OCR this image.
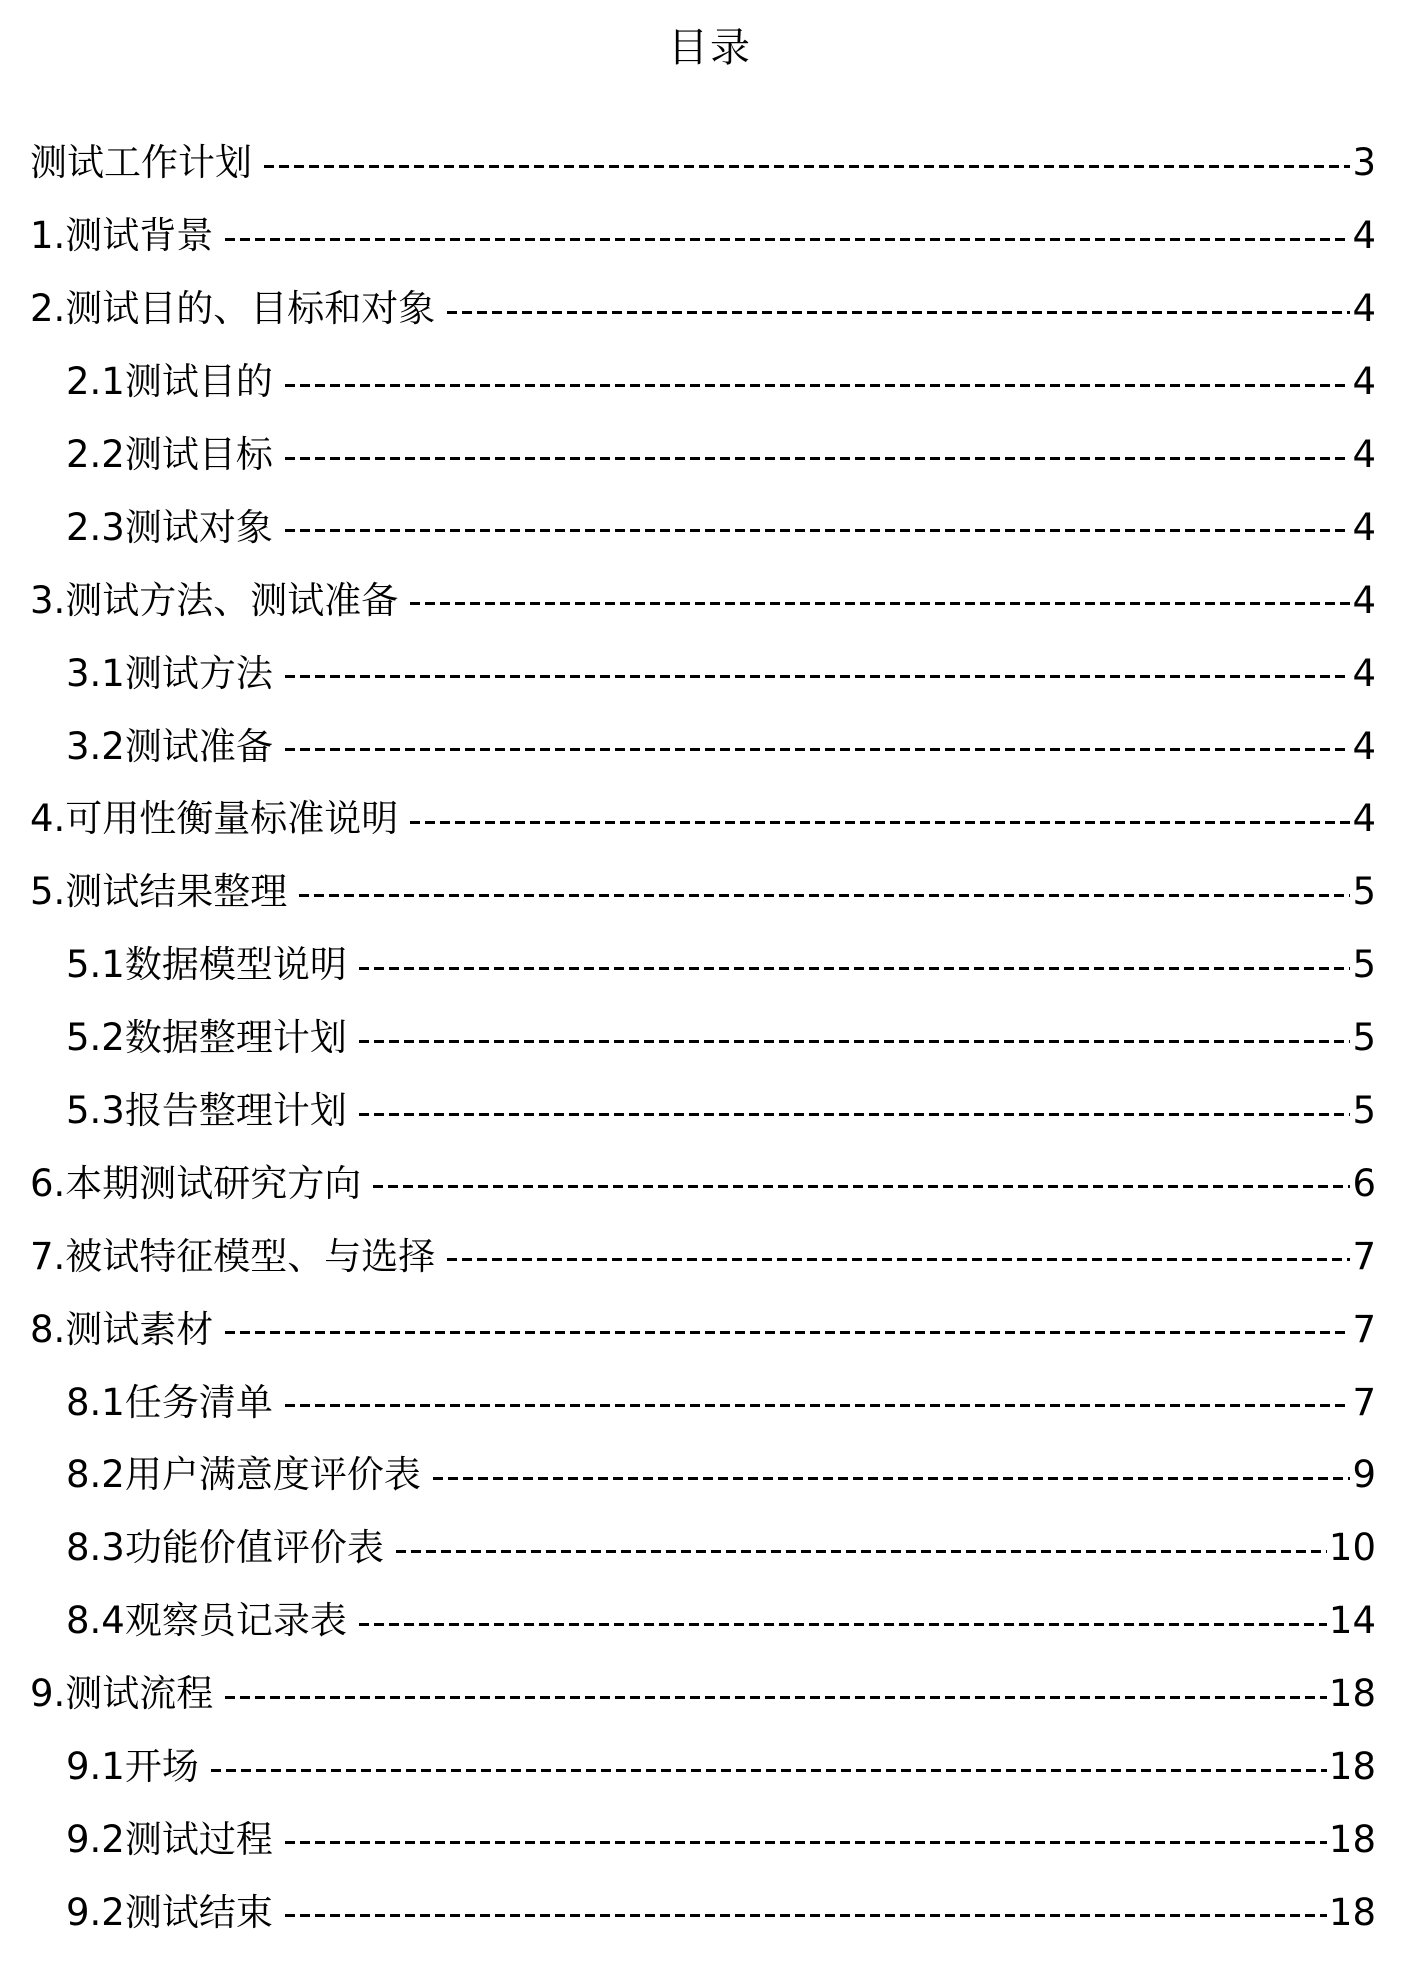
目录
测试工作计划	3
1.测试背景	4
2.测试目的、目标和对象	4
2.1测试目的	4
2.2测试目标	4
2.3测试对象	4
3.测试方法、测试准备	4
3.1测试方法	4
3.2测试准备	4
4.可用性衡量标准说明	4
5.测试结果整理	5
5.1数据模型说明	5
5.2数据整理计划	5
5.3报告整理计划	5
6.本期测试研究方向	6
7.被试特征模型、与选择	7
8.测试素材	7
8.1任务清单	7
8.2用户满意度评价表	9
8.3功能价值评价表	10
8.4观察员记录表	14
9.测试流程	18
9.1开场	18
9.2测试过程	18
9.2测试结束	18
